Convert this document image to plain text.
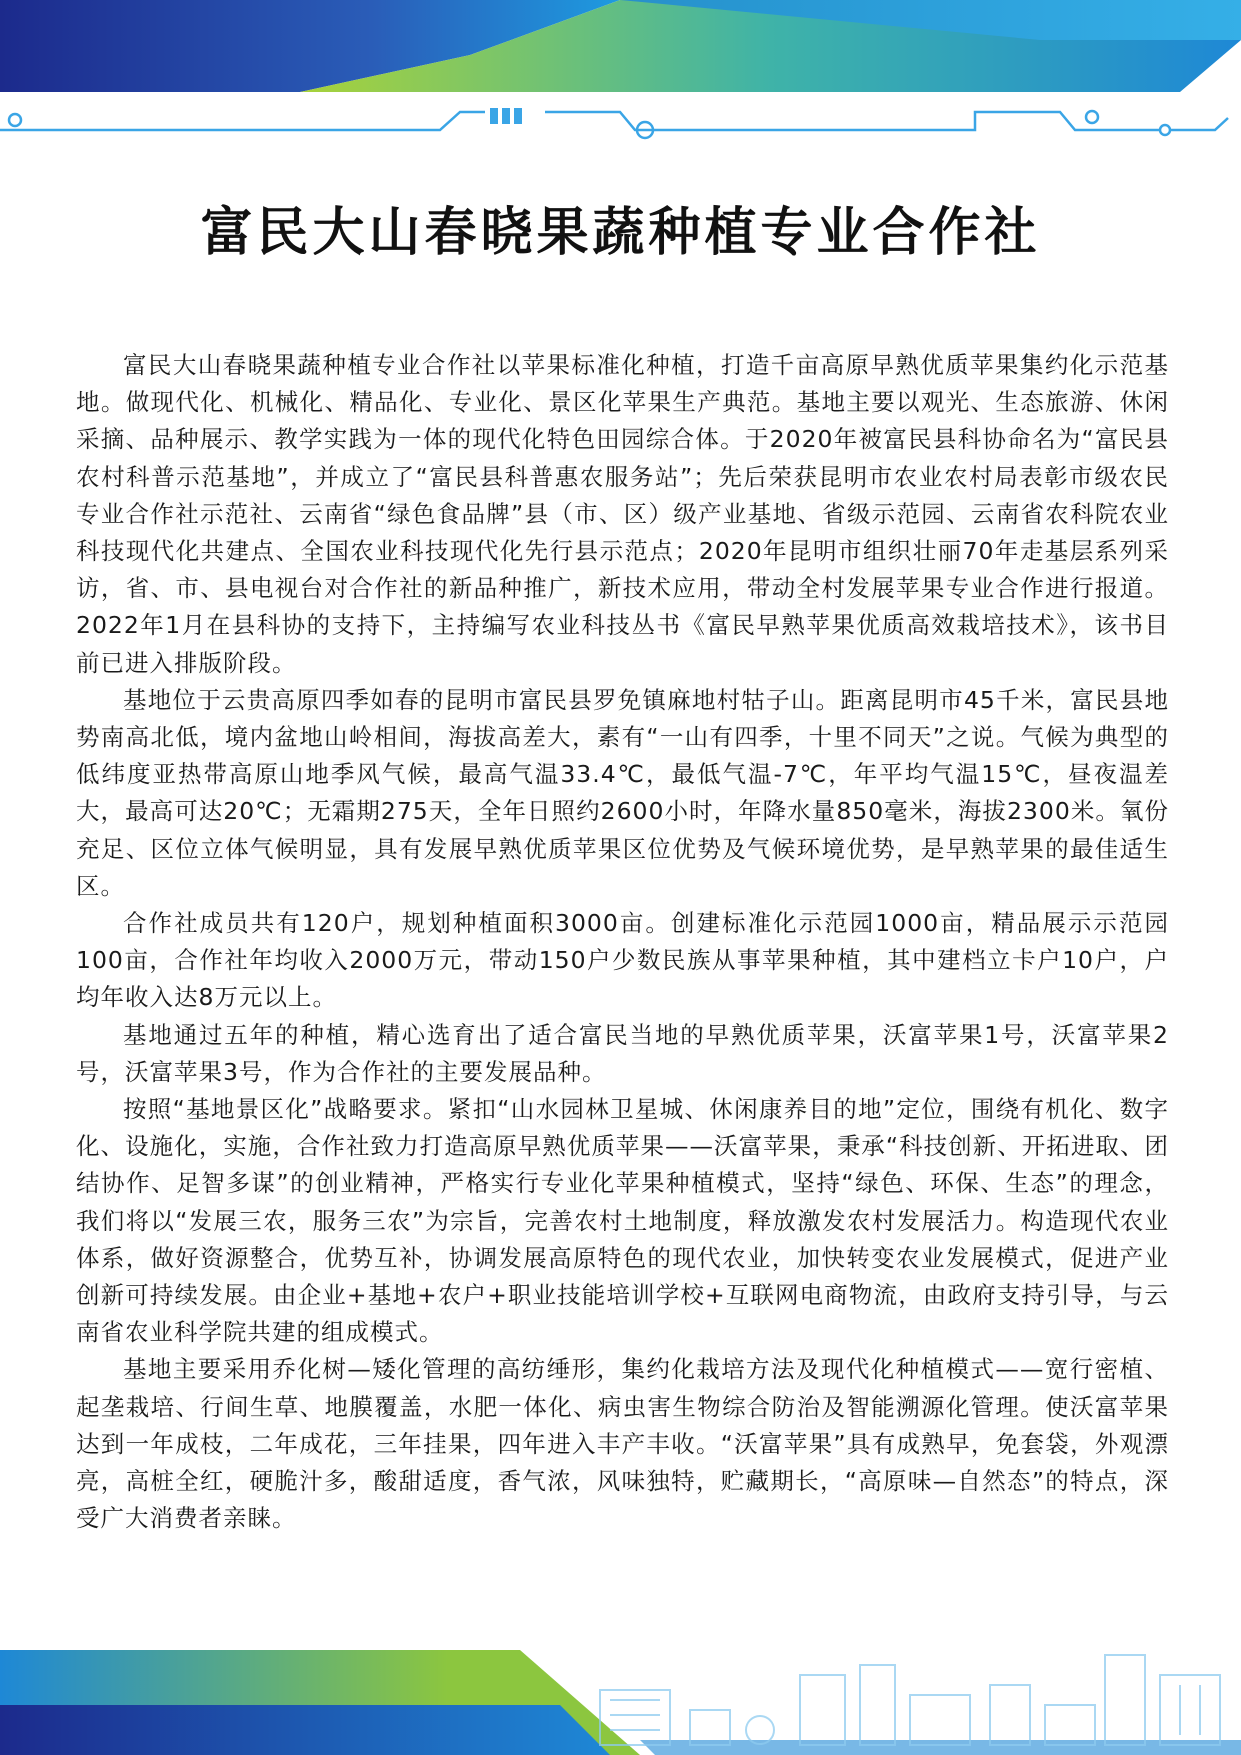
富民大山春晓果蔬种植专业合作社

富民大山春晓果蔬种植专业合作社以苹果标准化种植，打造千亩高原早熟优质苹果集约化示范基地。做现代化、机械化、精品化、专业化、景区化苹果生产典范。基地主要以观光、生态旅游、休闲采摘、品种展示、教学实践为一体的现代化特色田园综合体。于2020年被富民县科协命名为“富民县农村科普示范基地”，并成立了“富民县科普惠农服务站”；先后荣获昆明市农业农村局表彰市级农民专业合作社示范社、云南省“绿色食品牌”县（市、区）级产业基地、省级示范园、云南省农科院农业科技现代化共建点、全国农业科技现代化先行县示范点；2020年昆明市组织壮丽70年走基层系列采访，省、市、县电视台对合作社的新品种推广，新技术应用，带动全村发展苹果专业合作进行报道。2022年1月在县科协的支持下，主持编写农业科技丛书《富民早熟苹果优质高效栽培技术》，该书目前已进入排版阶段。

基地位于云贵高原四季如春的昆明市富民县罗免镇麻地村牯子山。距离昆明市45千米，富民县地势南高北低，境内盆地山岭相间，海拔高差大，素有“一山有四季，十里不同天”之说。气候为典型的低纬度亚热带高原山地季风气候，最高气温33.4℃，最低气温-7℃，年平均气温15℃，昼夜温差大，最高可达20℃；无霜期275天，全年日照约2600小时，年降水量850毫米，海拔2300米。氧份充足、区位立体气候明显，具有发展早熟优质苹果区位优势及气候环境优势，是早熟苹果的最佳适生区。

合作社成员共有120户，规划种植面积3000亩。创建标准化示范园1000亩，精品展示示范园100亩，合作社年均收入2000万元，带动150户少数民族从事苹果种植，其中建档立卡户10户，户均年收入达8万元以上。

基地通过五年的种植，精心选育出了适合富民当地的早熟优质苹果，沃富苹果1号，沃富苹果2号，沃富苹果3号，作为合作社的主要发展品种。

按照“基地景区化”战略要求。紧扣“山水园林卫星城、休闲康养目的地”定位，围绕有机化、数字化、设施化，实施，合作社致力打造高原早熟优质苹果——沃富苹果，秉承“科技创新、开拓进取、团结协作、足智多谋”的创业精神，严格实行专业化苹果种植模式，坚持“绿色、环保、生态”的理念，我们将以“发展三农，服务三农”为宗旨，完善农村土地制度，释放激发农村发展活力。构造现代农业体系，做好资源整合，优势互补，协调发展高原特色的现代农业，加快转变农业发展模式，促进产业创新可持续发展。由企业+基地+农户+职业技能培训学校+互联网电商物流，由政府支持引导，与云南省农业科学院共建的组成模式。

基地主要采用乔化树—矮化管理的高纺缍形，集约化栽培方法及现代化种植模式——宽行密植、起垄栽培、行间生草、地膜覆盖，水肥一体化、病虫害生物综合防治及智能溯源化管理。使沃富苹果达到一年成枝，二年成花，三年挂果，四年进入丰产丰收。“沃富苹果”具有成熟早，免套袋，外观漂亮，高桩全红，硬脆汁多，酸甜适度，香气浓，风味独特，贮藏期长，“高原味—自然态”的特点，深受广大消费者亲睐。
